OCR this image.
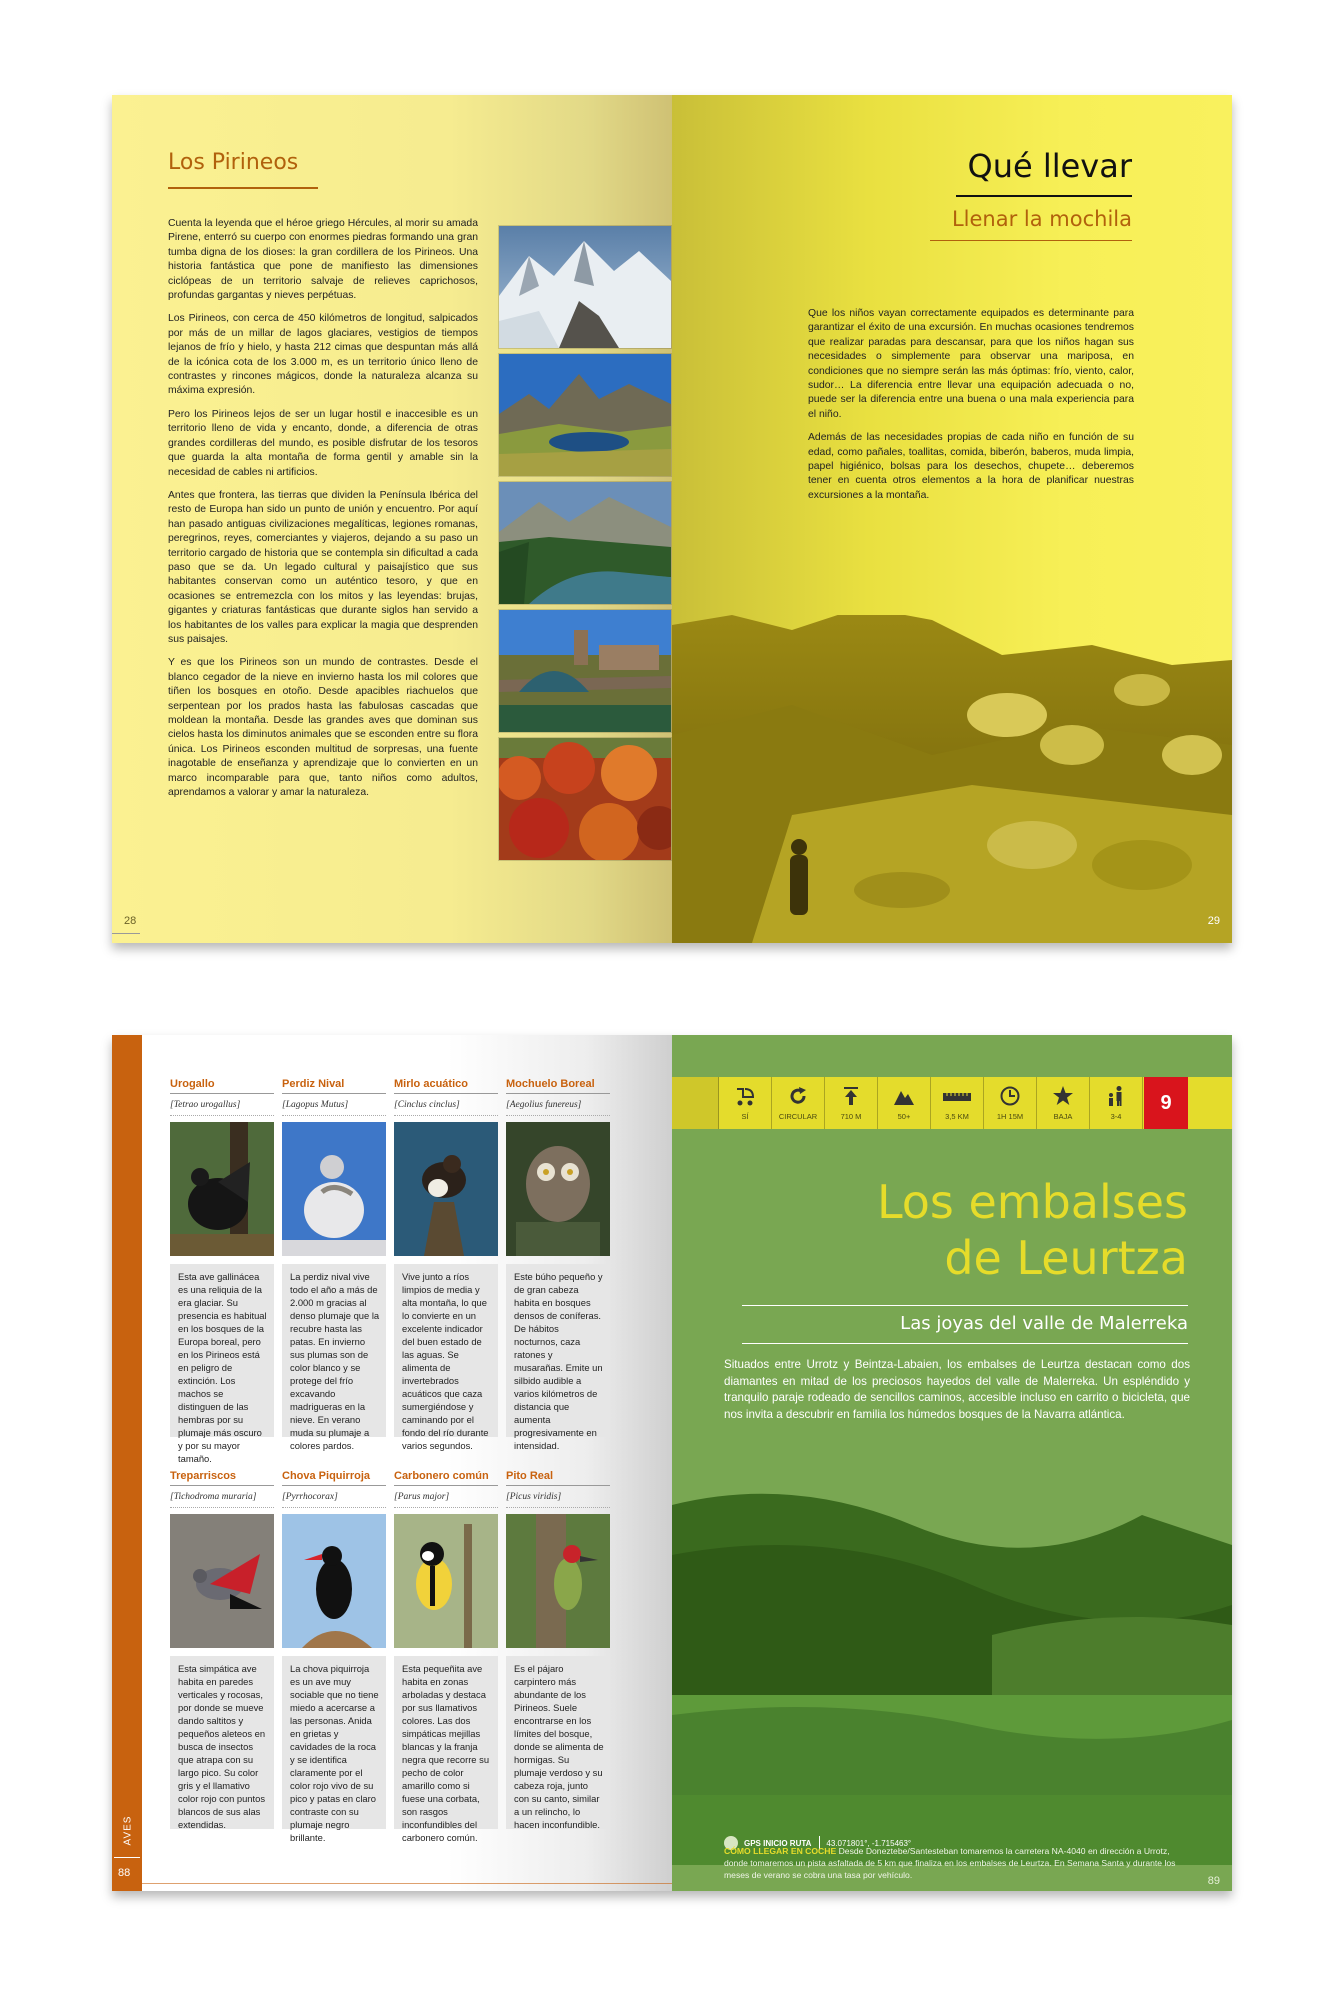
Los Pirineos

Cuenta la leyenda que el héroe griego Hércules, al morir su amada Pirene, enterró su cuerpo con enormes piedras formando una gran tumba digna de los dioses: la gran cordillera de los Pirineos. Una historia fantástica que pone de manifiesto las dimensiones ciclópeas de un territorio salvaje de relieves caprichosos, profundas gargantas y nieves perpétuas.

Los Pirineos, con cerca de 450 kilómetros de longitud, salpicados por más de un millar de lagos glaciares, vestigios de tiempos lejanos de frío y hielo, y hasta 212 cimas que despuntan más allá de la icónica cota de los 3.000 m, es un territorio único lleno de contrastes y rincones mágicos, donde la naturaleza alcanza su máxima expresión.

Pero los Pirineos lejos de ser un lugar hostil e inaccesible es un territorio lleno de vida y encanto, donde, a diferencia de otras grandes cordilleras del mundo, es posible disfrutar de los tesoros que guarda la alta montaña de forma gentil y amable sin la necesidad de cables ni artificios.

Antes que frontera, las tierras que dividen la Península Ibérica del resto de Europa han sido un punto de unión y encuentro. Por aquí han pasado antiguas civilizaciones megalíticas, legiones romanas, peregrinos, reyes, comerciantes y viajeros, dejando a su paso un territorio cargado de historia que se contempla sin dificultad a cada paso que se da. Un legado cultural y paisajístico que sus habitantes conservan como un auténtico tesoro, y que en ocasiones se entremezcla con los mitos y las leyendas: brujas, gigantes y criaturas fantásticas que durante siglos han servido a los habitantes de los valles para explicar la magia que desprenden sus paisajes.

Y es que los Pirineos son un mundo de contrastes. Desde el blanco cegador de la nieve en invierno hasta los mil colores que tiñen los bosques en otoño. Desde apacibles riachuelos que serpentean por los prados hasta las fabulosas cascadas que moldean la montaña. Desde las grandes aves que dominan sus cielos hasta los diminutos animales que se esconden entre su flora única. Los Pirineos esconden multitud de sorpresas, una fuente inagotable de enseñanza y aprendizaje que lo convierten en un marco incomparable para que, tanto niños como adultos, aprendamos a valorar y amar la naturaleza.

28
Qué llevar
Llenar la mochila

Que los niños vayan correctamente equipados es determinante para garantizar el éxito de una excursión. En muchas ocasiones tendremos que realizar paradas para descansar, para que los niños hagan sus necesidades o simplemente para observar una mariposa, en condiciones que no siempre serán las más óptimas: frío, viento, calor, sudor… La diferencia entre llevar una equipación adecuada o no, puede ser la diferencia entre una buena o una mala experiencia para el niño.

Además de las necesidades propias de cada niño en función de su edad, como pañales, toallitas, comida, biberón, baberos, muda limpia, papel higiénico, bolsas para los desechos, chupete… deberemos tener en cuenta otros elementos a la hora de planificar nuestras excursiones a la montaña.

29
AVES
88
Urogallo
[Tetrao urogallus]
Esta ave gallinácea es una reliquia de la era glaciar. Su presencia es habitual en los bosques de la Europa boreal, pero en los Pirineos está en peligro de extinción. Los machos se distinguen de las hembras por su plumaje más oscuro y por su mayor tamaño.
Perdiz Nival
[Lagopus Mutus]
La perdiz nival vive todo el año a más de 2.000 m gracias al denso plumaje que la recubre hasta las patas. En invierno sus plumas son de color blanco y se protege del frío excavando madrigueras en la nieve. En verano muda su plumaje a colores pardos.
Mirlo acuático
[Cinclus cinclus]
Vive junto a ríos limpios de media y alta montaña, lo que lo convierte en un excelente indicador del buen estado de las aguas. Se alimenta de invertebrados acuáticos que caza sumergiéndose y caminando por el fondo del río durante varios segundos.
Mochuelo Boreal
[Aegolius funereus]
Este búho pequeño y de gran cabeza habita en bosques densos de coníferas. De hábitos nocturnos, caza ratones y musarañas. Emite un silbido audible a varios kilómetros de distancia que aumenta progresivamente en intensidad.
Treparriscos
[Tichodroma muraria]
Esta simpática ave habita en paredes verticales y rocosas, por donde se mueve dando saltitos y pequeños aleteos en busca de insectos que atrapa con su largo pico. Su color gris y el llamativo color rojo con puntos blancos de sus alas extendidas.
Chova Piquirroja
[Pyrrhocorax]
La chova piquirroja es un ave muy sociable que no tiene miedo a acercarse a las personas. Anida en grietas y cavidades de la roca y se identifica claramente por el color rojo vivo de su pico y patas en claro contraste con su plumaje negro brillante.
Carbonero común
[Parus major]
Esta pequeñita ave habita en zonas arboladas y destaca por sus llamativos colores. Las dos simpáticas mejillas blancas y la franja negra que recorre su pecho de color amarillo como si fuese una corbata, son rasgos inconfundibles del carbonero común.
Pito Real
[Picus viridis]
Es el pájaro carpintero más abundante de los Pirineos. Suele encontrarse en los límites del bosque, donde se alimenta de hormigas. Su plumaje verdoso y su cabeza roja, junto con su canto, similar a un relincho, lo hacen inconfundible.
SÍ	CIRCULAR	710 M	50+	3,5 KM	1H 15M	BAJA	3-4
9
Los embalses
de Leurtza
Las joyas del valle de Malerreka
Situados entre Urrotz y Beintza-Labaien, los embalses de Leurtza destacan como dos diamantes en mitad de los preciosos hayedos del valle de Malerreka. Un espléndido y tranquilo paraje rodeado de sencillos caminos, accesible incluso en carrito o bicicleta, que nos invita a descubrir en familia los húmedos bosques de la Navarra atlántica.
GPS INICIO RUTA 43.071801°, -1.715463°
CÓMO LLEGAR EN COCHE Desde Doneztebe/Santesteban tomaremos la carretera NA-4040 en dirección a Urrotz, donde tomaremos un pista asfaltada de 5 km que finaliza en los embalses de Leurtza. En Semana Santa y durante los meses de verano se cobra una tasa por vehículo.	89
